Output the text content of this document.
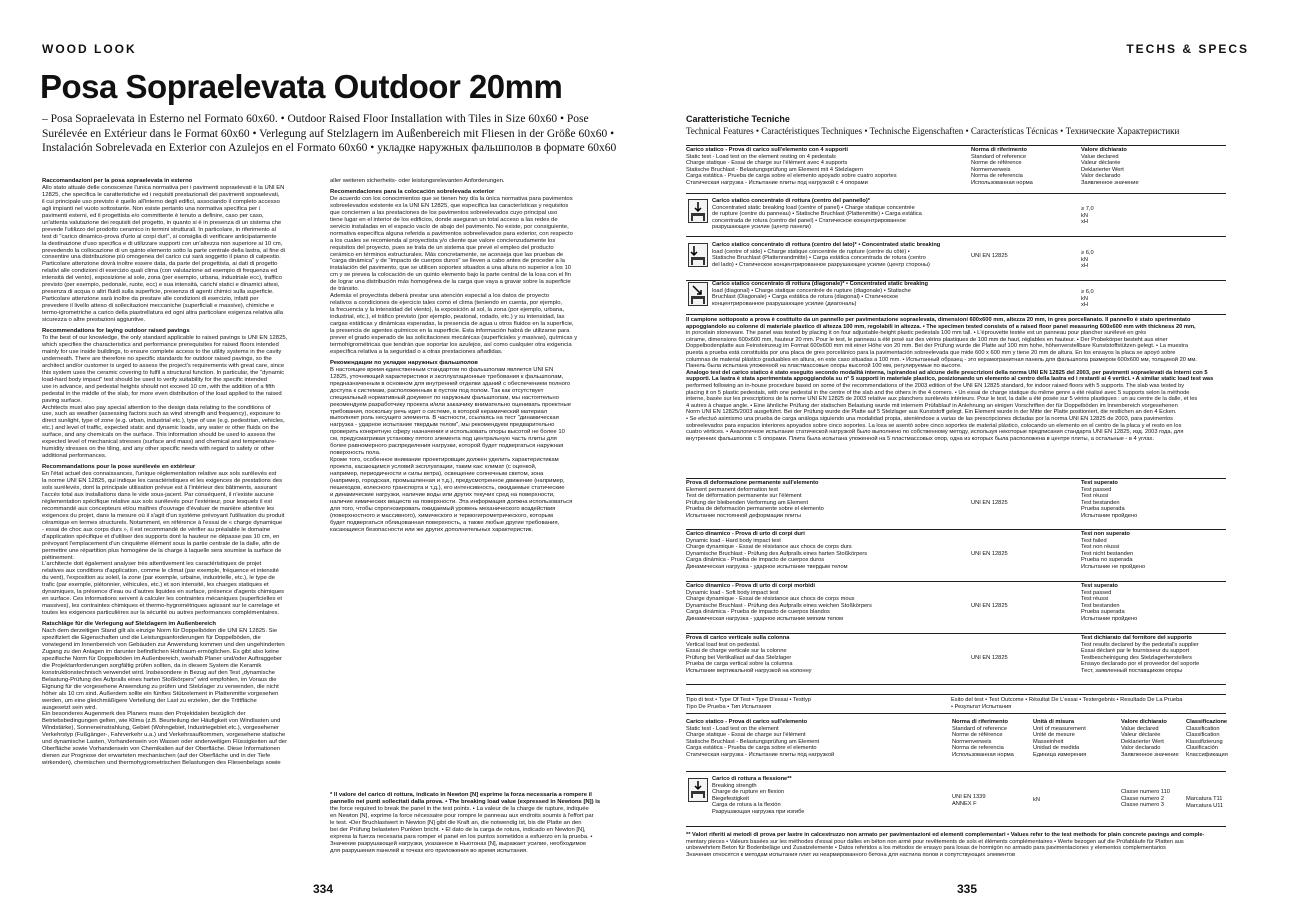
WOOD LOOK	TECHS & SPECS
Posa Sopraelevata Outdoor 20mm
– Posa Sopraelevata in Esterno nel Formato 60x60. • Outdoor Raised Floor Installation with Tiles in Size 60x60 • Pose
Surélevée en Extérieur dans le Format 60x60 • Verlegung auf Stelzlagern im Außenbereich mit Fliesen in der Größe 60x60 •
Instalación Sobrelevada en Exterior con Azulejos en el Formato 60x60 • укладке наружных фальшполов в формате 60x60
Raccomandazioni per la posa sopraelevata in esterno

Allo stato attuale delle conoscenze l'unica normativa per i pavimenti sopraelevati è la UNI EN
12825, che specifica le caratteristiche ed i requisiti prestazionali dei pavimenti sopraelevati,
il cui principale uso previsto è quello all'interno degli edifici, associando il completo accesso
agli impianti nel vuoto sottostante. Non esiste pertanto una normativa specifica per i
pavimenti esterni, ed il progettista e/o committente è tenuto a definire, caso per caso,
un'attenta valutazione dei requisiti del progetto, in quanto si è in presenza di un sistema che
prevede l'utilizzo del prodotto ceramico in termini strutturali. In particolare, in riferimento al
test di "carico dinamico-prova d'urto ai corpi duri", si consiglia di verificare anticipatamente
la destinazione d'uso specifica e di utilizzare supporti con un'altezza non superiore ai 10 cm,
prevedendo la collocazione di un quinto elemento sotto la parte centrale della lastra, al fine di
consentire una distribuzione più omogenea del carico cui sarà soggetto il piano di calpestio.
Particolare attenzione dovrà inoltre essere data, da parte del progettista, ai dati di progetto
relativi alle condizioni di esercizio quali clima (con valutazione ad esempio di frequenza ed
intensità del vento), esposizione al sole, zona (per esempio, urbana, industriale ecc), traffico
previsto (per esempio, pedonale, ruote, ecc) e sua intensità, carichi statici e dinamici attesi,
presenza di acqua o altri fluidi sulla superficie, presenza di agenti chimici sulla superficie.
Particolare attenzione sarà inoltre da prestare alle condizioni di esercizio, infatti per
prevedere il livello atteso di sollecitazioni meccaniche (superficiali e massive), chimiche e
termo-igrometriche a carico della piastrellatura ed ogni altra particolare esigenza relativa alla
sicurezza o altre prestazioni aggiuntive.

Recommendations for laying outdoor raised pavings

To the best of our knowledge, the only standard applicable to raised pavings is UNI EN 12825,
which specifies the characteristics and performance prerequisites for raised floors intended
mainly for use inside buildings, to ensure complete access to the utility systems in the cavity
underneath. There are therefore no specific standards for outdoor raised pavings, so the
architect and/or customer is urged to assess the project's requirements with great care, since
this system uses the ceramic covering to fulfil a structural function. In particular, the "dynamic
load-hard body impact" test should be used to verify suitability for the specific intended
use in advance, and pedestal heights should not exceed 10 cm, with the addition of a fifth
pedestal in the middle of the slab, for more even distribution of the load applied to the raised
paving surface.
Architects must also pay special attention to the design data relating to the conditions of
use, such as weather (assessing factors such as wind strength and frequency), exposure to
direct sunlight, type of zone (e.g. urban, industrial etc.), type of use (e.g. pedestrian, vehicles,
etc.) and level of traffic, expected static and dynamic loads, any water or other fluids on the
surface, and any chemicals on the surface. This information should be used to assess the
expected level of mechanical stresses (surface and mass) and chemical and temperature-
humidity stresses on the tiling, and any other specific needs with regard to safety or other
additional performances.

Recommandations pour la pose surélevée en extérieur

En l'état actuel des connaissances, l'unique réglementation relative aux sols surélevés est
la norme UNI EN 12825, qui indique les caractéristiques et les exigences de prestations des
sols surélevés, dont la principale utilisation prévue est à l'intérieur des bâtiments, assurant
l'accès total aux installations dans le vide sous-jacent. Par conséquent, il n'existe aucune
réglementation spécifique relative aux sols surélevés pour l'extérieur, pour lesquels il est
recommandé aux concepteurs et/ou maîtres d'ouvrage d'évaluer de manière attentive les
exigences du projet, dans la mesure où il s'agit d'un système prévoyant l'utilisation du produit
céramique en termes structurels. Notamment, en référence à l'essai de « charge dynamique
- essai de choc aux corps durs », il est recommandé de vérifier au préalable le domaine
d'application spécifique et d'utiliser des supports dont la hauteur ne dépasse pas 10 cm, en
prévoyant l'emplacement d'un cinquième élément sous la partie centrale de la dalle, afin de
permettre une répartition plus homogène de la charge à laquelle sera soumise la surface de
piétinement.
L'architecte doit également analyser très attentivement les caractéristiques de projet
relatives aux conditions d'application, comme le climat (par exemple, fréquence et intensité
du vent), l'exposition au soleil, la zone (par exemple, urbaine, industrielle, etc.), le type de
trafic (par exemple, piétonnier, véhicules, etc.) et son intensité, les charges statiques et
dynamiques, la présence d'eau ou d'autres liquides en surface, présence d'agents chimiques
en surface. Ces informations servent à calculer les contraintes mécaniques (superficielles et
massives), les contraintes chimiques et thermo-hygrométriques agissant sur le carrelage et
toutes les exigences particulières sur la sécurité ou autres performances complémentaires.

Ratschläge für die Verlegung auf Stelzlagern im Außenbereich

Nach dem derzeitigen Stand gilt als einzige Norm für Doppelböden die UNI EN 12825. Sie
spezifiziert die Eigenschaften und die Leistungsanforderungen für Doppelböden, die
vorwiegend im Innenbereich von Gebäuden zur Anwendung kommen und den ungehinderten
Zugang zu den Anlagen im darunter befindlichen Hohlraum ermöglichen. Es gibt also keine
spezifische Norm für Doppelböden im Außenbereich, weshalb Planer und/oder Auftraggeber
die Projektanforderungen sorgfältig prüfen sollten, da in diesem System die Keramik
konstruktionstechnisch verwendet wird. Insbesondere in Bezug auf den Test „dynamische
Belastung-Prüfung des Aufpralls eines harten Stoßkörpers" wird empfohlen, im Voraus die
Eignung für die vorgesehene Anwendung zu prüfen und Stelzlager zu verwenden, die nicht
höher als 10 cm sind. Außerdem sollte ein fünftes Stützelement in Plattenmitte vorgesehen
werden, um eine gleichmäßigere Verteilung der Last zu erzielen, der die Trittfläche
ausgesetzt sein wird.
Ein besonderes Augenmerk des Planers muss den Projektdaten bezüglich der
Betriebsbedingungen gelten, wie Klima (z.B. Beurteilung der Häufigkeit von Windlasten und
Windstärke), Sonneneinstrahlung, Gebiet (Wohngebiet, Industriegebiet etc.), vorgesehener
Verkehrstyp (Fußgänger-, Fahrverkehr u.a.) und Verkehrsaufkommen, vorgesehene statische
und dynamische Lasten, Vorhandensein von Wasser oder anderweitigen Flüssigkeiten auf der
Oberfläche sowie Vorhandensein von Chemikalien auf der Oberfläche. Diese Informationen
dienen zur Prognose der erwarteten mechanischen (auf der Oberfläche und in der Tiefe
wirkenden), chemischen und thermohygrometrischen Belastungen des Fliesenbelags sowie

aller weiteren sicherheits- oder leistungsrelevanten Anforderungen.

Recomendaciones para la colocación sobrelevada exterior

De acuerdo con los conocimientos que se tienen hoy día la única normativa para pavimentos
sobreelevados existente es la UNI EN 12825, que especifica las características y requisitos
que conciernen a las prestaciones de los pavimentos sobreelevados cuyo principal uso
tiene lugar en el interior de los edificios, donde aseguran un total acceso a las redes de
servicio instaladas en el espacio vacío de abajo del pavimento. No existe, por consiguiente,
normativa específica alguna referida a pavimentos sobreelevados para exterior, con respecto
a los cuales se recomienda al proyectista y/o cliente que valore concienzudamente los
requisitos del proyecto, pues se trata de un sistema que prevé el empleo del producto
cerámico en términos estructurales. Más concretamente, se aconseja que las pruebas de
"carga dinámica" y de "impacto de cuerpos duros" se lleven a cabo antes de proceder a la
instalación del pavimento, que se utilicen soportes situados a una altura no superior a los 10
cm y se preveа la colocación de un quinto elemento bajo la parte central de la losa con el fin
de lograr una distribución más homogénea de la carga que vaya a gravar sobre la superficie
de tránsito.
Además el proyectista deberá prestar una atención especial a los datos de proyecto
relativos a condiciones de ejercicio tales como el clima (teniendo en cuenta, por ejemplo,
la frecuencia y la intensidad del viento), la exposición al sol, la zona (por ejemplo, urbana,
industrial, etc.), el tráfico previsto (por ejemplo, peatonal, rodado, etc.) y su intensidad, las
cargas estáticas y dinámicas esperadas, la presencia de agua u otros fluidos en la superficie,
la presencia de agentes químicos en la superficie. Esta información habrá de utilizarse para
prever el grado esperado de las solicitaciones mecánicas (superficiales y masivas), químicas y
termohigrométricas que tendrán que soportar los azulejos, así como cualquier otra exigencia
específica relativa a la seguridad o a otras prestaciones añadidas.

Рекомендации по укладке наружных фальшполов

В настоящее время единственным стандартом по фальшполам является UNI EN
12825, уточняющий характеристики и эксплуатационные требования к фальшполам,
предназначенным в основном для внутренней отделки зданий с обеспечением полного
доступа к системам, расположенным в пустом под полом. Так как отсутствует
специальный нормативный документ по наружным фальшполам, мы настоятельно
рекомендуем разработчику проекта и/или заказчику внимательно оценивать проектные
требования, поскольку речь идет о системе, в которой керамический материал
выполняет роль несущего элемента. В частности, ссылаясь на тест "динамическая
нагрузка - ударное испытание твердым телом", мы рекомендуем предварительно
проверить конкретную сферу назначения и использовать опоры высотой не более 10
см, предусматривая установку пятого элемента под центральную часть плиты для
более равномерного распределения нагрузки, которой будет подвергаться наружная
поверхность пола.
Кроме того, особенное внимание проектировщик должен уделить характеристикам
проекта, касающимся условий эксплуатации, таким как: климат (с оценкой,
например, периодичности и силы ветра), освещение солнечным светом, зона
(например, городская, промышленная и т.д.), предусмотренное движение (например,
пешеходов, колесного транспорта и т.д.), его интенсивность, ожидаемые статические
и динамические нагрузки, наличие воды или других текучих сред на поверхности,
наличие химических веществ на поверхности. Эта информация должна использоваться
для того, чтобы спрогнозировать ожидаемый уровень механического воздействия
(поверхностного и массивного), химического и термогигрометрического, которым
будет подвергаться облицованная поверхность, а также любые другие требования,
касающиеся безопасности или же других дополнительных характеристик.

* Il valore del carico di rottura, indicato in Newton [N] esprime la forza necessaria a rompere il
pannello nei punti sollecitati dalla prova. • The breaking load value (expressed in Newtons [N]) is
the force required to break the panel in the test points. • La valeur de la charge de rupture, indiquée
en Newton [N], exprime la force nécessaire pour rompre le panneau aux endroits soumis à l'effort par
le test. •Der Bruchlastwert in Newton [N] gibt die Kraft an, die notwendig ist, bis die Platte an den
bei der Prüfung belasteten Punkten bricht. • El dato de la carga de rotura, indicado en Newton [N],
expresa la fuerza necesaria para romper el panel en los puntos sometidos a esfuerzo en la prueba. •
Значение разрушающей нагрузки, указанное в Ньютонах [N], выражает усилие, необходимое
для разрушения панелей в точках его приложения во время испытания.
334	335
Caratteristiche Tecniche
Technical Features • Caractéristiques Techniques • Technische Eigenschaften • Características Técnicas • Технические Характеристики
Carico statico - Prova di carico sull'elemento con 4 supporti
Static test - Load test on the element resting on 4 pedestals
Charge statique - Essai de charge sur l'élément avec 4 supports
Statische Bruchlast - Belastungsprüfung am Element mit 4 Stelzlagern
Carga estática - Prueba de carga sobre el elemento apoyado sobre cuatro soportes
Статическая нагрузка - Испытание плиты под нагрузкой с 4 опорами
Norma di riferimento
Standard of reference
Norme de référence
Normenverweis
Norma de referencia
Использованная норма
Valore dichiarato
Value declared
Valeur déclarée
Deklarierter Wert
Valor declarado
Заявленное значение
Carico statico concentrato di rottura (centro del pannello)*
Concentrated static breaking load (centre of panel) • Charge statique concentrée
de rupture (centre du panneau) • Statische Bruchlast (Plattenmitte) • Carga estática
concentrada de rotura (centro del panel) • Статическое концентрированное
разрушающее усилие (центр панели)
≥ 7,0
kN
xH
Carico statico concentrato di rottura (centro del lato)* • Concentrated static breaking
load (centre of side) • Charge statique concentrée de rupture (centre du côté) •
Statische Bruchlast (Plattenrandmitte) • Carga estática concentrada de rotura (centro
del lado) • Статическое концентрированное разрушающее усилие (центр стороны)
≥ 6,0
kN
xH
UNI EN 12825
Carico statico concentrato di rottura (diagonale)* • Concentrated static breaking
load (diagonal) • Charge statique concentrée de rupture (diagonale) • Statische
Bruchlast (Diagonale) • Carga estática de rotura (diagonal) • Статическое
концентрированное разрушающее усилие (диагональ)
≥ 6,0
kN
xH
Il campione sottoposto a prova è costituito da un pannello per pavimentazione sopraelevata, dimensioni 600x600 mm, altezza 20 mm, in gres porcellanato. Il pannello è stato sperimentato
appoggiandolo su colonne di materiale plastico di altezza 100 mm, regolabili in altezza. • The specimen tested consists of a raised floor panel measuring 600x600 mm with thickness 20 mm,
in porcelain stoneware. The panel was tested by placing it on four adjustable-height plastic pedestals 100 mm tall. • L'éprouvette testée est un panneau pour plancher surélevé en grès
cérame, dimensions 600x600 mm, hauteur 20 mm. Pour le test, le panneau a été posé sur des vérins plastiques de 100 mm de haut, réglables en hauteur. • Der Probekörper besteht aus einer
Doppelbodenplatte aus Feinsteinzeug im Format 600x600 mm mit einer Höhe von 20 mm. Bei der Prüfung wurde die Platte auf 100 mm hohe, höhenverstellbare Kunststoffstützen gelegt. • La muestra
puesta a prueba está constituida por una placa de gres porcelánico para la pavimentación sobreelevada que mide 600 x 600 mm y tiene 20 mm de altura. En los ensayos la placa se apoyó sobre
columnas de material plástico graduables en altura, en este caso situadas a 100 mm. • Испытанный образец - это керамогранитная панель для фальшпола размером 600x600 мм, толщиной 20 мм.
Панель была испытана упоженной на пластмассовые опоры высотой 100 мм, регулируемые по высоте.
Analogo test del carico statico è stato eseguito secondo modalità interna, ispirandosi ad alcune delle prescrizioni della norma UNI EN 12825 del 2003, per pavimenti sopraelevati da interni con 5
supporti. La lastra è stata sperimentata appoggiandola su n° 5 supporti in materiale plastico, posizionando un elemento al centro della lastra ed i restanti ai 4 vertici. • A similar static load test was
performed following an in-house procedure based on some of the recommendations of the 2003 edition of the UNI EN 12825 standard, for indoor raised floors with 5 supports. The slab was tested by
placing it on 5 plastic pedestals, with one pedestal in the centre of the slab and the others in the 4 corners. • Un essai de charge statique du même genre a été réalisé avec 5 supports selon la méthode
interne, basée sur les prescriptions de la norme UNI EN 12825 de 2003 relative aux planchers surélevés intérieurs. Pour le test, la dalle a été posée sur 5 vérins plastiques : un au centre de la dalle, et les
4 autres à chaque angle. • Eine ähnliche Prüfung der statischen Belastung wurde mit internem Prüfablauf in Anlehnung an einigen Vorschriften der für Doppelböden im Innenbereich vorgesehenen
Norm UNI EN 12825/2003 ausgeführt. Bei der Prüfung wurde die Platte auf 5 Stelzlager aus Kunststoff gelegt. Ein Element wurde in der Mitte der Platte positioniert, die restlichen an den 4 Ecken.
• Se efectuó asimismo una prueba de carga análoga siguiendo una modalidad propia, ateniéndose a varias de las prescripciones dictadas por la norma UNI EN 12825 de 2003, para pavimentos
sobreelevados para espacios interiores apoyados sobre cinco soportes. La losa se asentó sobre cinco soportes de material plástico, colocando un elemento en el centro de la placa y el resto en los
cuatro vértices. • Аналогичное испытание статической нагрузкой было выполнено по собственному методу, используя некоторые предписания стандарта UNI EN 12825, изд. 2003 года, для
внутренних фальшполов с 5 опорами. Плита была испытана упоженной на 5 пластмассовых опор, одна из которых была расположена в центре плиты, а остальные - в 4 углах.
Prova di deformazione permanente sull'elemento
Element permanent deformation test
Test de déformation permanente sur l'élément
Prüfung der bleibenden Verformung am Element
Prueba de deformación permanente sobre el elemento
Испытание постоянной деформации плиты
UNI EN 12825
Test superato
Test passed
Test réussi
Test bestanden
Prueba superada
Испытание пройдено
Carico dinamico - Prova di urto di corpi duri
Dynamic load - Hard body impact test
Charge dynamique - Essai de résistance aux chocs de corps durs
Dynamische Bruchlast - Prüfung des Aufpralls eines harten Stoßkörpers
Carga dinámica - Prueba de impacto de cuerpos duros
Динамическая нагрузка - ударное испытание твердым телом
UNI EN 12825
Test non superato
Test failed
Test non réussi
Test nicht bestanden
Prueba no superada
Испытание не пройдено
Carico dinamico - Prova di urto di corpi morbidi
Dynamic load - Soft body impact test
Charge dynamique - Essai de résistance aux chocs de corps mous
Dynamische Bruchlast - Prüfung des Aufpralls eines weichen Stoßkörpers
Carga dinámica - Prueba de impacto de cuerpos blandos
Динамическая нагрузка - ударное испытание мягким телом
UNI EN 12825
Test superato
Test passed
Test réussi
Test bestanden
Prueba superada
Испытание пройдено
Prova di carico verticale sulla colonna
Vertical load test on pedestal.
Essai de charge verticale sur la colonne
Prüfung bei Vertikallast auf das Stelzlager
Prueba de carga vertical sobre la columna
Испытание вертикальной нагрузкой на колонну
UNI EN 12825
Test dichiarato dal fornitore del supporto
Test results declared by the pedestal's supplier
Essai déclaré par le fournisseur du support
Testbescheinigung des Stelzlagerherstellers
Ensayo declarado por el proveedor del soporte
Тест, заявленный поставщиком опоры
Tipo di test • Type Of Test • Type D'essai • Testtyp
Tipo De Prueba • Тип Испытания
Esito del test • Test Outcome • Résultat De L'essai • Testergebnis • Resultado De La Prueba
• Результат Испытания
Carico statico - Prova di carico sull'elemento
Static test - Load test on the element
Charge statique - Essai de charge sur l'élément
Statische Bruchlast - Belastungsprüfung am Element
Carga estática - Prueba de carga sobre el elemento
Статическая нагрузка - Испытание плиты под нагрузкой
Norma di riferimento
Standard of reference
Norme de référence
Normenverweis
Norma de referencia
Использованная норма
Unità di misura
Unit of measurement
Unité de mesure
Masseinheit
Unidad de medida
Единица измерения
Valore dichiarato
Value declared
Valeur déclarée
Deklarierter Wert
Valor declarado
Заявленное значение
Classificazione
Classification
Classification
Klassifizierung
Clasificación
Классификация
Carico di rottura a flessione**
Breaking strength
Charge de rupture en flexion
Biegefestigkeit
Carga de rotura a la flexión
Разрушающая нагрузка при изгибе
UNI EN 1339
ANNEX F
kN
Classe numero 110
Classe numero 2
Classe numero 3
Marcatura T11
Marcatura U11
** Valori riferiti ai metodi di prova per lastre in calcestruzzo non armato per pavimentazioni ed elementi complementari • Values refer to the test methods for plain concrete pavings and comple-
mentary pieces • Valeurs basées sur les méthodes d'essai pour dalles en béton non armé pour revêtements de sols et éléments complémentaires • Werte bezogen auf die Prüfabläufe für Platten aus
unbewehrtem Beton für Bodenbeläge und Zusatzelemente • Datos referidos a los métodos de ensayo para losas de hormigón no armado para pavimentaciones y elementos complementarios
Значения относятся к методам испытания плит из неармированного бетона для настила полов и сопутствующих элементов
